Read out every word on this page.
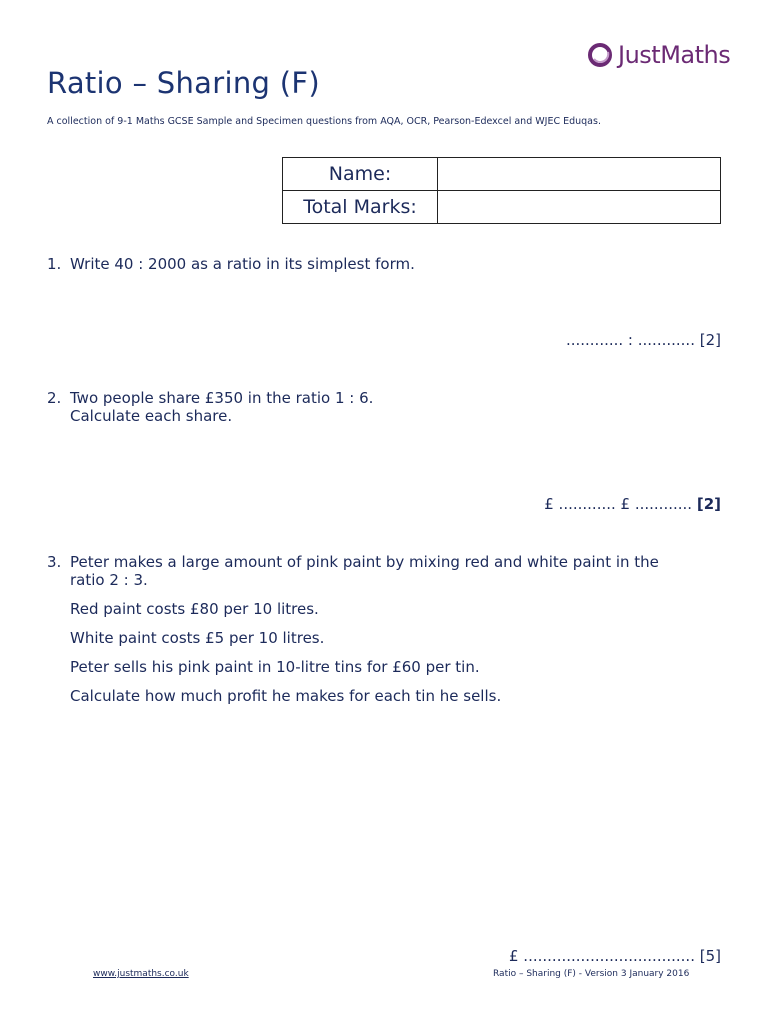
JustMaths
Ratio – Sharing (F)
A collection of 9-1 Maths GCSE Sample and Specimen questions from AQA, OCR, Pearson-Edexcel and WJEC Eduqas.
Name:	
Total Marks:	
1. Write 40 : 2000 as a ratio in its simplest form.

............ : ............ [2]
2. Two people share £350 in the ratio 1 : 6.

Calculate each share.

£ ............ £ ............ [2]
3. Peter makes a large amount of pink paint by mixing red and white paint in the ratio 2 : 3.

Red paint costs £80 per 10 litres.

White paint costs £5 per 10 litres.

Peter sells his pink paint in 10-litre tins for £60 per tin.

Calculate how much profit he makes for each tin he sells.

£ .................................... [5]
www.justmaths.co.uk	Ratio – Sharing (F) - Version 3 January 2016
